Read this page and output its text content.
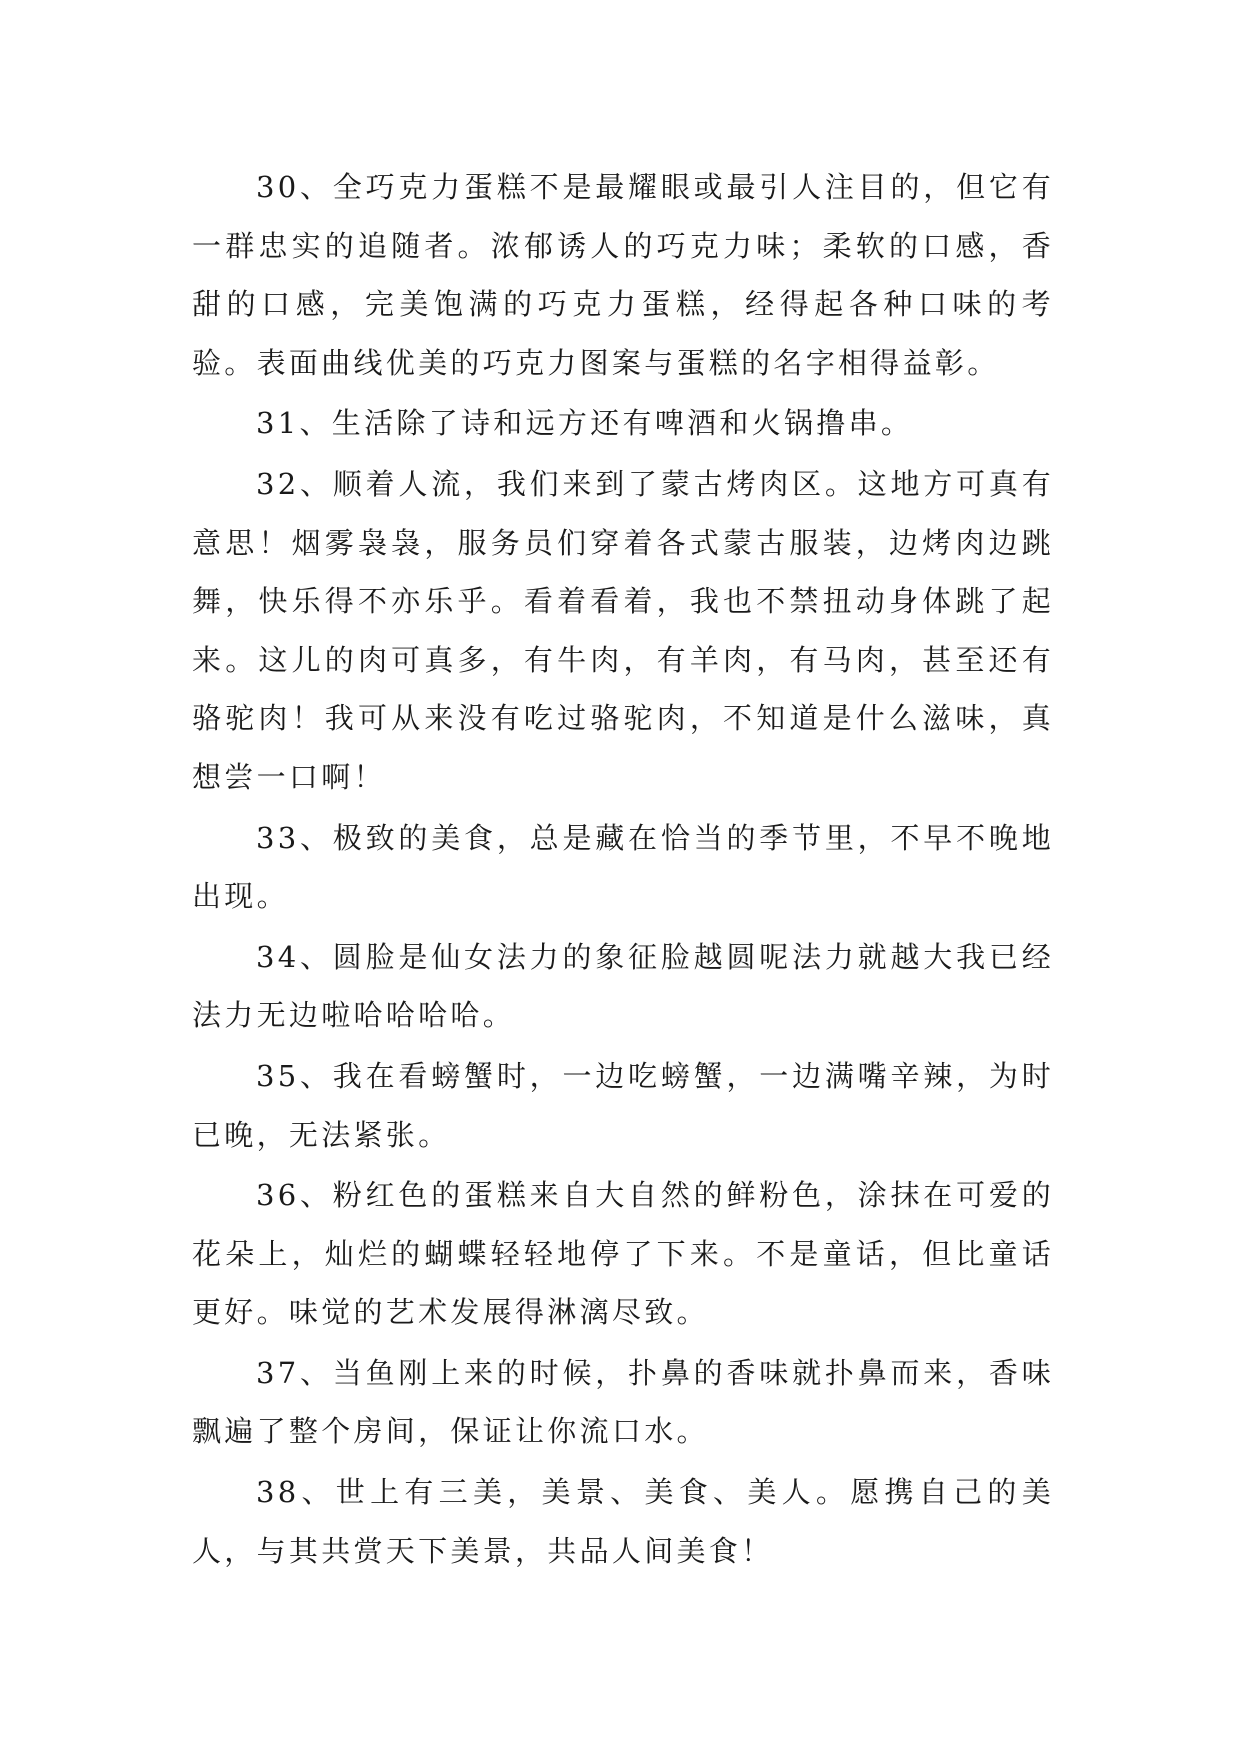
30、全巧克力蛋糕不是最耀眼或最引人注目的，但它有一群忠实的追随者。浓郁诱人的巧克力味；柔软的口感，香甜的口感，完美饱满的巧克力蛋糕，经得起各种口味的考验。表面曲线优美的巧克力图案与蛋糕的名字相得益彰。

31、生活除了诗和远方还有啤酒和火锅撸串。

32、顺着人流，我们来到了蒙古烤肉区。这地方可真有意思！烟雾袅袅，服务员们穿着各式蒙古服装，边烤肉边跳舞，快乐得不亦乐乎。看着看着，我也不禁扭动身体跳了起来。这儿的肉可真多，有牛肉，有羊肉，有马肉，甚至还有骆驼肉！我可从来没有吃过骆驼肉，不知道是什么滋味，真想尝一口啊！

33、极致的美食，总是藏在恰当的季节里，不早不晚地出现。

34、圆脸是仙女法力的象征脸越圆呢法力就越大我已经法力无边啦哈哈哈哈。

35、我在看螃蟹时，一边吃螃蟹，一边满嘴辛辣，为时已晚，无法紧张。

36、粉红色的蛋糕来自大自然的鲜粉色，涂抹在可爱的花朵上，灿烂的蝴蝶轻轻地停了下来。不是童话，但比童话更好。味觉的艺术发展得淋漓尽致。

37、当鱼刚上来的时候，扑鼻的香味就扑鼻而来，香味飘遍了整个房间，保证让你流口水。

38、世上有三美，美景、美食、美人。愿携自己的美人，与其共赏天下美景，共品人间美食！
